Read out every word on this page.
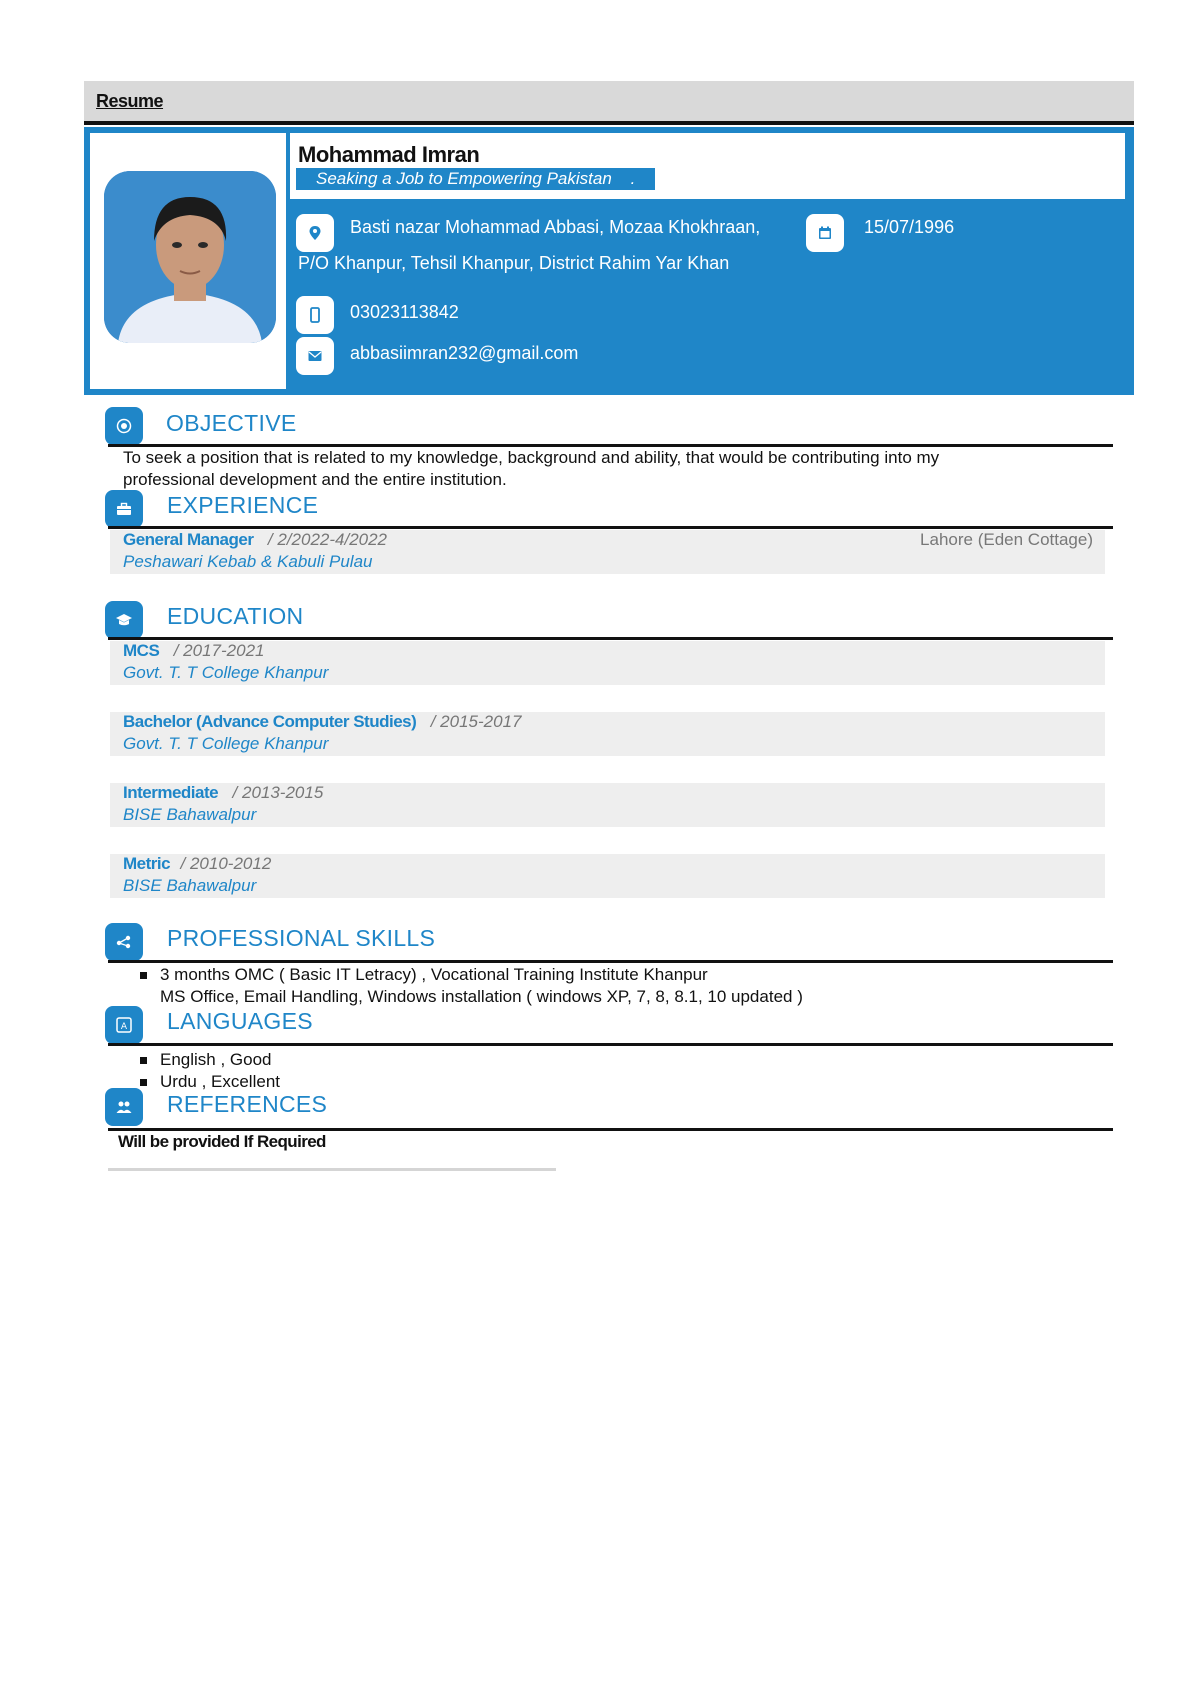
Resume
Mohammad Imran
Seaking a Job to Empowering Pakistan    .
Basti nazar Mohammad Abbasi, Mozaa Khokhraan,
P/O Khanpur, Tehsil Khanpur, District Rahim Yar Khan
15/07/1996
03023113842
abbasiimran232@gmail.com
OBJECTIVE
To seek a position that is related to my knowledge, background and ability, that would be contributing into my
professional development and the entire institution.
EXPERIENCE
General Manager / 2/2022-4/2022
Peshawari Kebab & Kabuli Pulau
Lahore (Eden Cottage)
EDUCATION
MCS / 2017-2021
Govt. T. T College Khanpur
Bachelor (Advance Computer Studies) / 2015-2017
Govt. T. T College Khanpur
Intermediate / 2013-2015
BISE Bahawalpur
Metric / 2010-2012
BISE Bahawalpur
PROFESSIONAL SKILLS
3 months OMC ( Basic IT Letracy) , Vocational Training Institute Khanpur
MS Office, Email Handling, Windows installation ( windows XP, 7, 8, 8.1, 10 updated )
A LANGUAGES
English , Good
Urdu , Excellent
REFERENCES
Will be provided If Required
